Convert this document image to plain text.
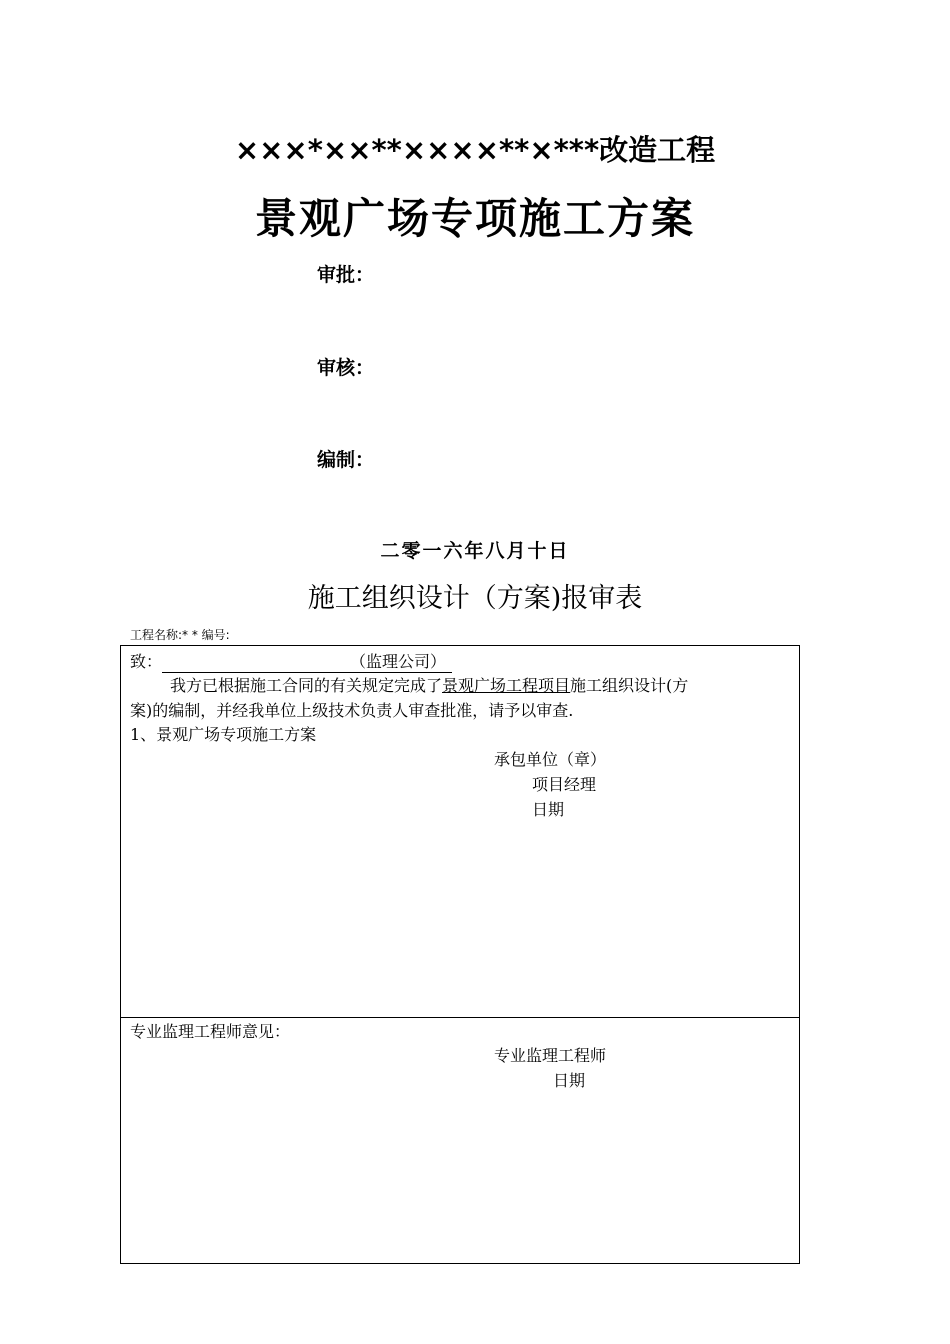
×××*××**××××**×***改造工程
景观广场专项施工方案
审批：
审核：
编制：
二零一六年八月十日
施工组织设计（方案)报审表
工程名称:* * 编号:
致：	（监理公司）
我方已根据施工合同的有关规定完成了景观广场工程项目施工组织设计(方
案)的编制，并经我单位上级技术负责人审查批准，请予以审查.
1、景观广场专项施工方案
承包单位（章）
项目经理
日期
专业监理工程师意见：
专业监理工程师
日期
